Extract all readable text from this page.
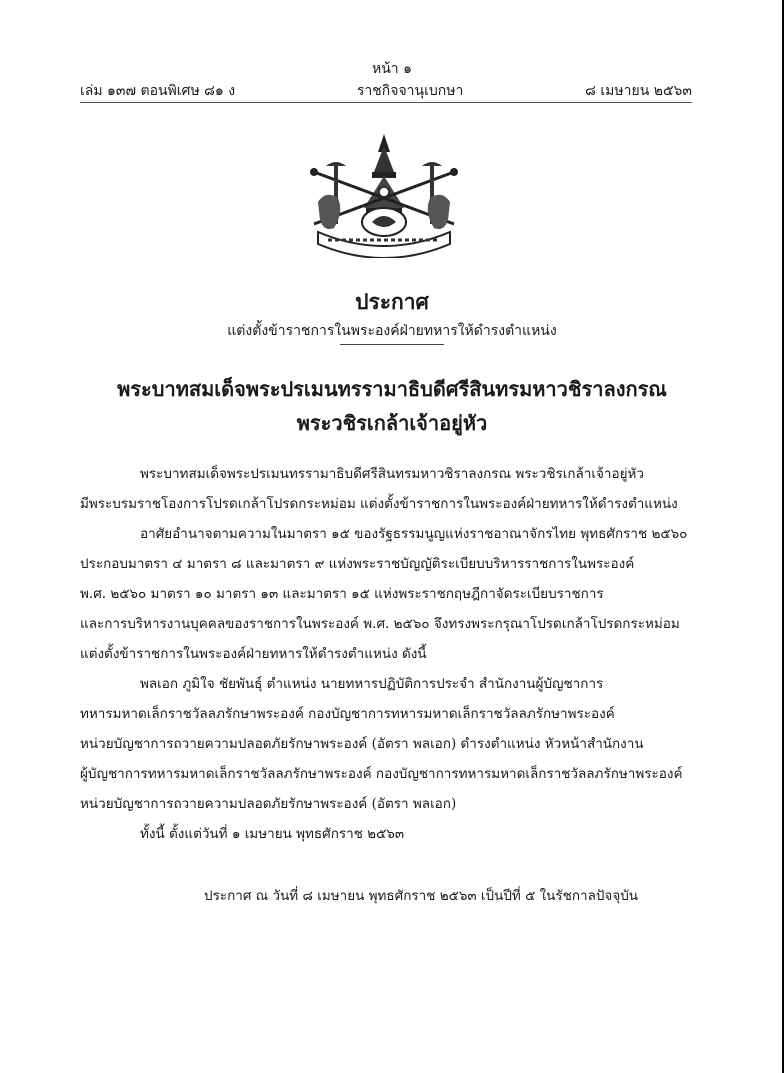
หน้า ๑
เล่ม ๑๓๗ ตอนพิเศษ ๘๑ ง	ราชกิจจานุเบกษา	๘ เมษายน ๒๕๖๓
ประกาศ
แต่งตั้งข้าราชการในพระองค์ฝ่ายทหารให้ดำรงตำแหน่ง
พระบาทสมเด็จพระปรเมนทรรามาธิบดีศรีสินทรมหาวชิราลงกรณ
พระวชิรเกล้าเจ้าอยู่หัว
พระบาทสมเด็จพระปรเมนทรรามาธิบดีศรีสินทรมหาวชิราลงกรณ พระวชิรเกล้าเจ้าอยู่หัว
มีพระบรมราชโองการโปรดเกล้าโปรดกระหม่อม แต่งตั้งข้าราชการในพระองค์ฝ่ายทหารให้ดำรงตำแหน่ง
อาศัยอำนาจตามความในมาตรา ๑๕ ของรัฐธรรมนูญแห่งราชอาณาจักรไทย พุทธศักราช ๒๕๖๐
ประกอบมาตรา ๔ มาตรา ๘ และมาตรา ๙ แห่งพระราชบัญญัติระเบียบบริหารราชการในพระองค์
พ.ศ. ๒๕๖๐ มาตรา ๑๐ มาตรา ๑๓ และมาตรา ๑๕ แห่งพระราชกฤษฎีกาจัดระเบียบราชการ
และการบริหารงานบุคคลของราชการในพระองค์ พ.ศ. ๒๕๖๐ จึงทรงพระกรุณาโปรดเกล้าโปรดกระหม่อม
แต่งตั้งข้าราชการในพระองค์ฝ่ายทหารให้ดำรงตำแหน่ง ดังนี้
พลเอก ภูมิใจ ชัยพันธุ์ ตำแหน่ง นายทหารปฏิบัติการประจำ สำนักงานผู้บัญชาการ
ทหารมหาดเล็กราชวัลลภรักษาพระองค์ กองบัญชาการทหารมหาดเล็กราชวัลลภรักษาพระองค์
หน่วยบัญชาการถวายความปลอดภัยรักษาพระองค์ (อัตรา พลเอก) ดำรงตำแหน่ง หัวหน้าสำนักงาน
ผู้บัญชาการทหารมหาดเล็กราชวัลลภรักษาพระองค์ กองบัญชาการทหารมหาดเล็กราชวัลลภรักษาพระองค์
หน่วยบัญชาการถวายความปลอดภัยรักษาพระองค์ (อัตรา พลเอก)
ทั้งนี้ ตั้งแต่วันที่ ๑ เมษายน พุทธศักราช ๒๕๖๓
ประกาศ ณ วันที่ ๘ เมษายน พุทธศักราช ๒๕๖๓ เป็นปีที่ ๕ ในรัชกาลปัจจุบัน
